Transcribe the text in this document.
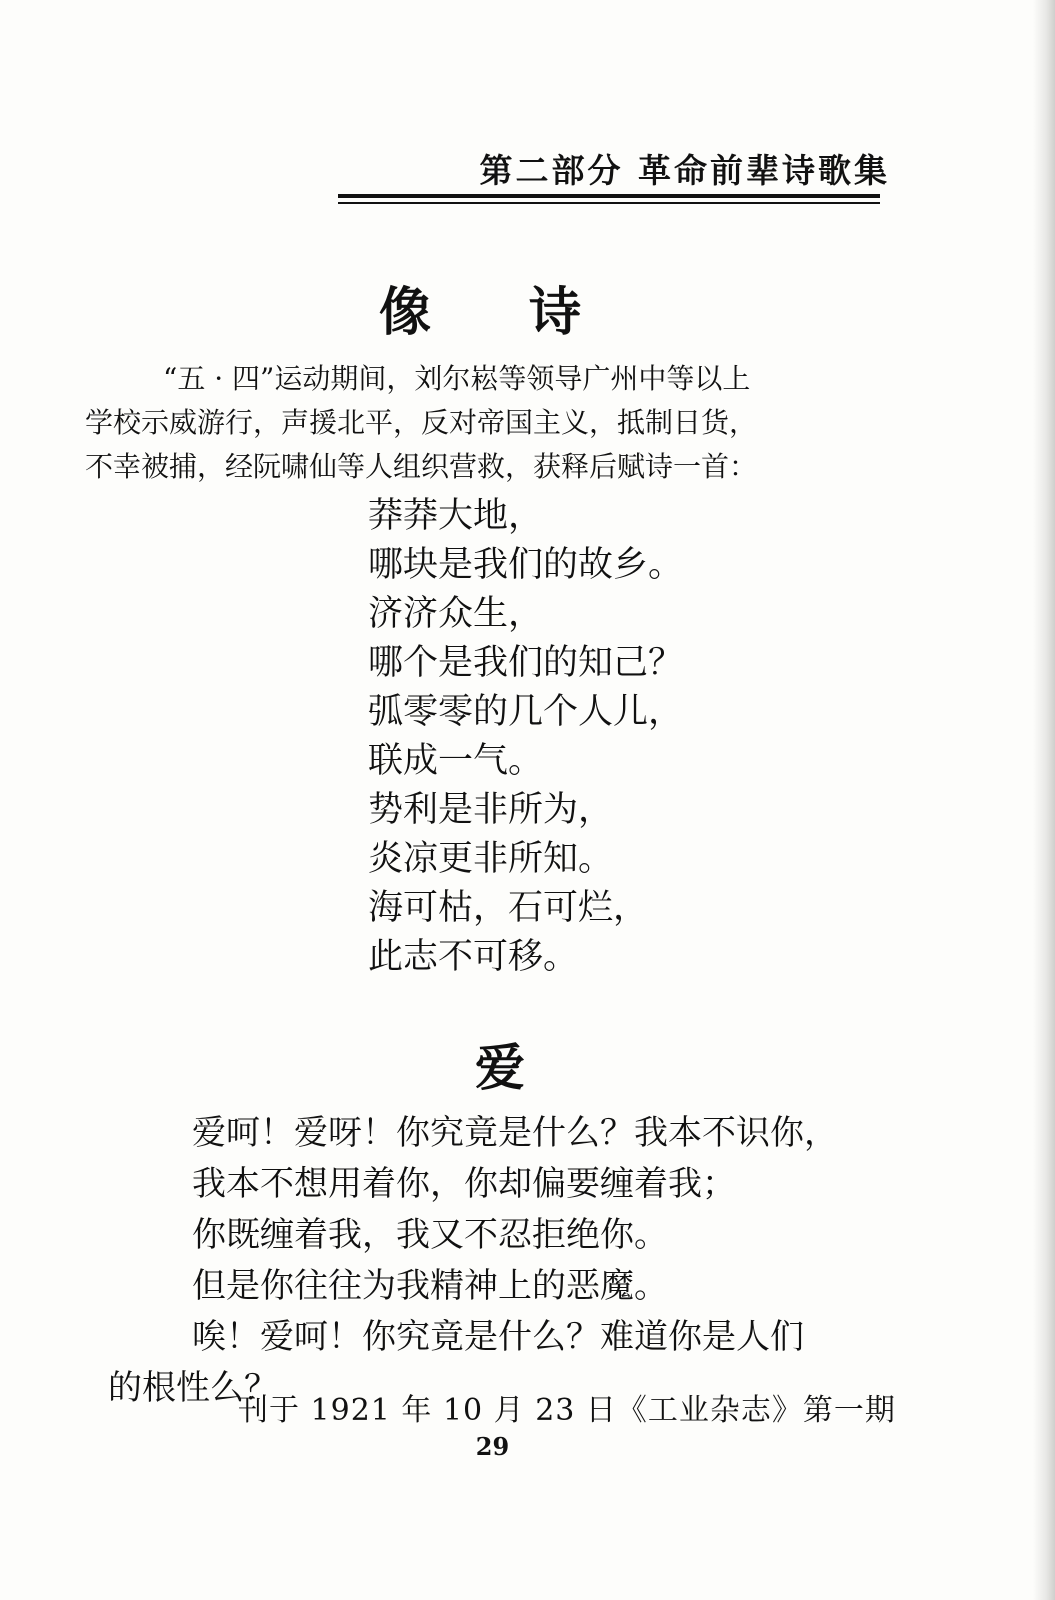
第二部分 革命前辈诗歌集
像 诗
“五 · 四”运动期间，刘尔崧等领导广州中等以上
学校示威游行，声援北平，反对帝国主义，抵制日货，
不幸被捕，经阮啸仙等人组织营救，获释后赋诗一首：
莽莽大地，
哪块是我们的故乡。
济济众生，
哪个是我们的知己？
弧零零的几个人儿，
联成一气。
势利是非所为，
炎凉更非所知。
海可枯，石可烂，
此志不可移。
爱
爱呵！爱呀！你究竟是什么？我本不识你，
我本不想用着你，你却偏要缠着我；
你既缠着我，我又不忍拒绝你。
但是你往往为我精神上的恶魔。
唉！爱呵！你究竟是什么？难道你是人们
的根性么？
刊于 1921 年 10 月 23 日《工业杂志》第一期
29
